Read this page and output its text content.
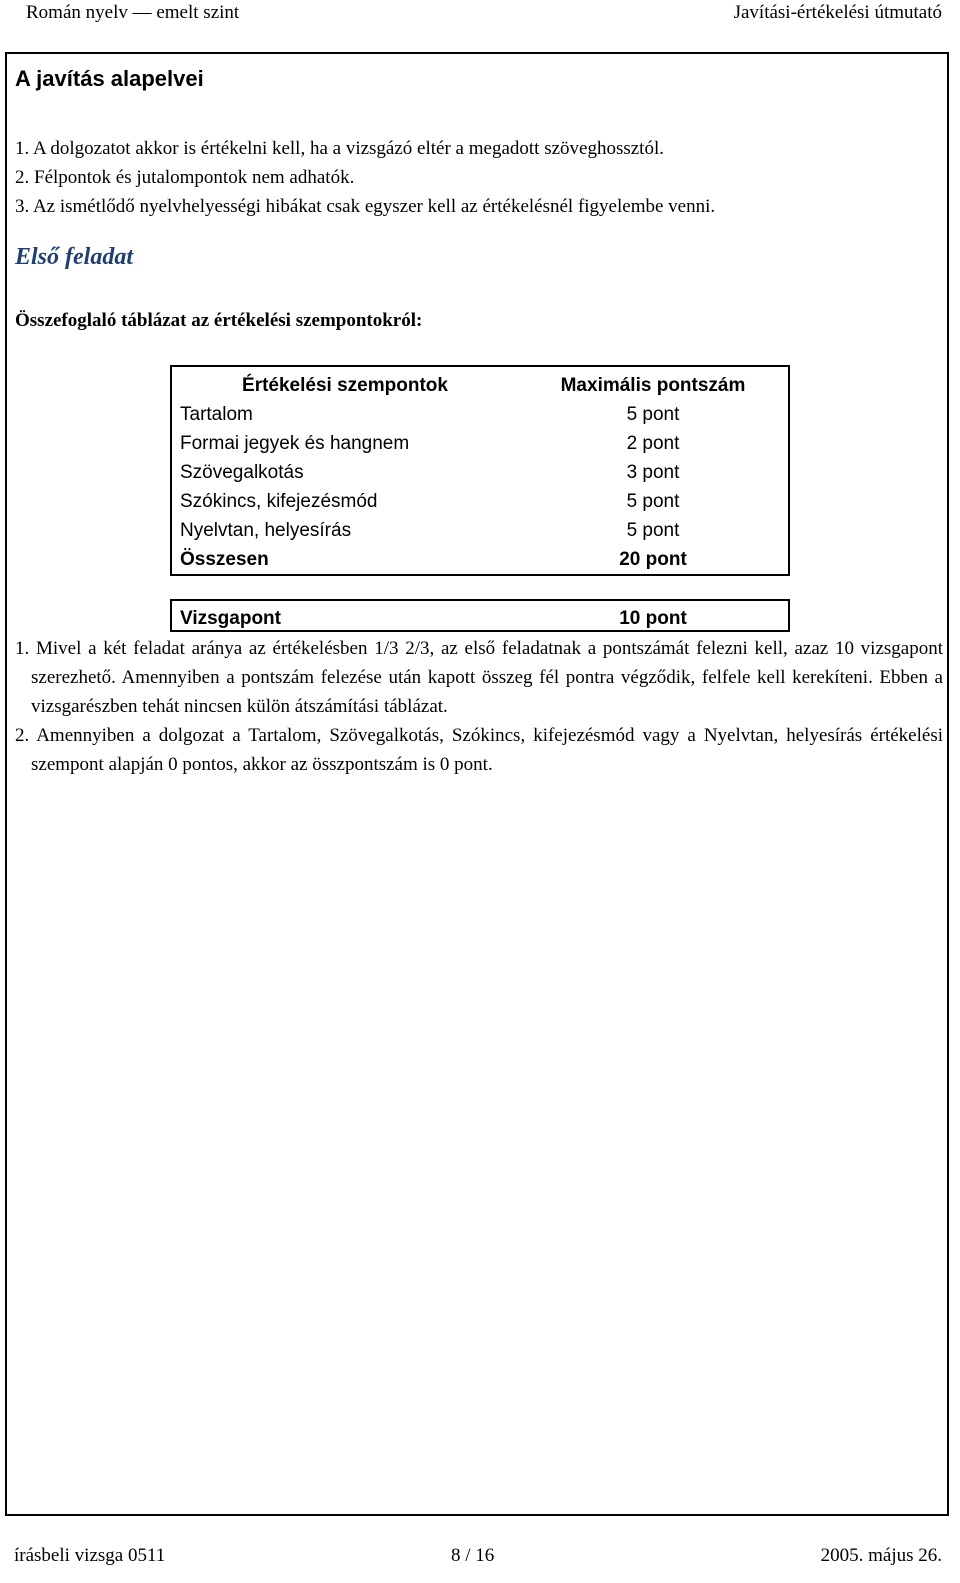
Román nyelv — emelt szint	Javítási-értékelési útmutató
A javítás alapelvei
1. A dolgozatot akkor is értékelni kell, ha a vizsgázó eltér a megadott szöveghossztól.
2. Félpontok és jutalompontok nem adhatók.
3. Az ismétlődő nyelvhelyességi hibákat csak egyszer kell az értékelésnél figyelembe venni.
Első feladat
Összefoglaló táblázat az értékelési szempontokról:
Értékelési szempontok	Maximális pontszám
Tartalom	5 pont
Formai jegyek és hangnem	2 pont
Szövegalkotás	3 pont
Szókincs, kifejezésmód	5 pont
Nyelvtan, helyesírás	5 pont
Összesen	20 pont
Vizsgapont	10 pont
1. Mivel a két feladat aránya az értékelésben 1/3 2/3, az első feladatnak a pontszámát felezni kell, azaz 10 vizsgapont szerezhető. Amennyiben a pontszám felezése után kapott összeg fél pontra végződik, felfele kell kerekíteni. Ebben a vizsgarészben tehát nincsen külön átszámítási táblázat.
2. Amennyiben a dolgozat a Tartalom, Szövegalkotás, Szókincs, kifejezésmód vagy a Nyelvtan, helyesírás értékelési szempont alapján 0 pontos, akkor az összpontszám is 0 pont.
írásbeli vizsga 0511	8 / 16	2005. május 26.
